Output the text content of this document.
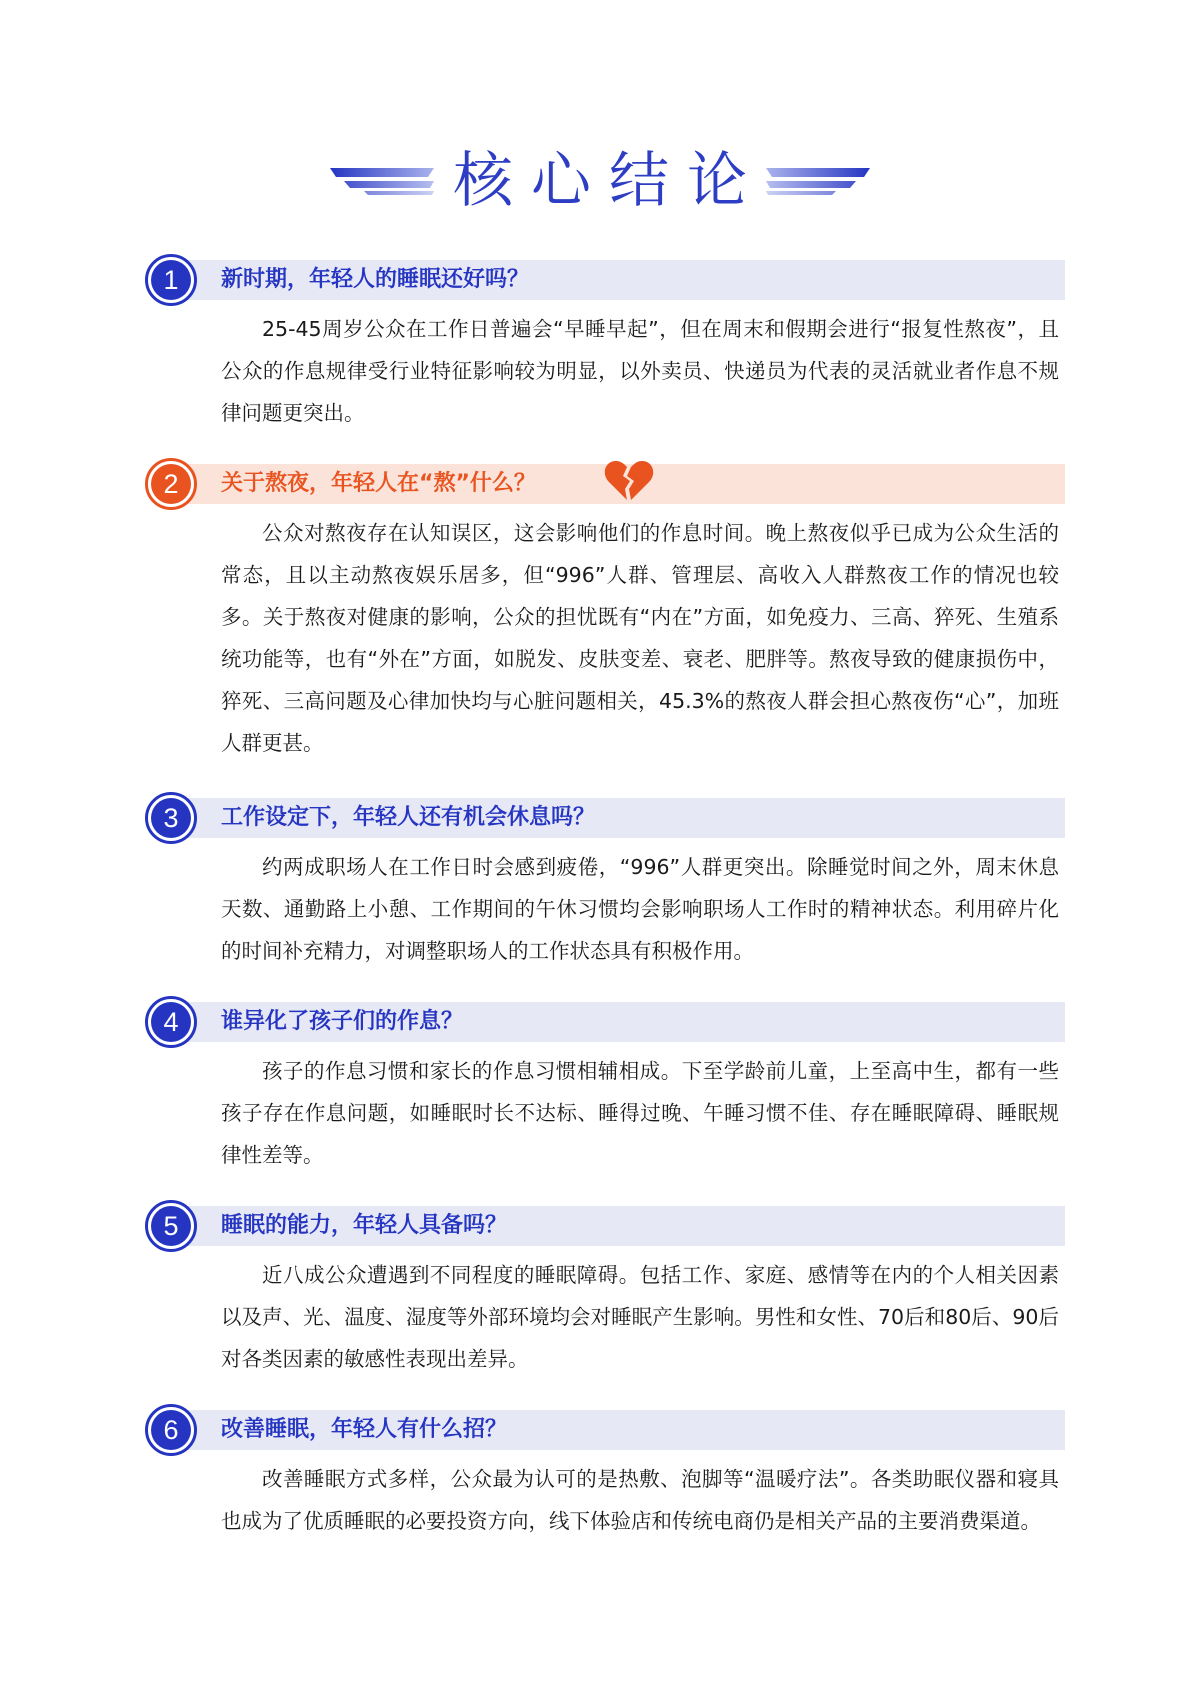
核心结论
1	新时期，年轻人的睡眠还好吗？
25-45周岁公众在工作日普遍会“早睡早起”，但在周末和假期会进行“报复性熬夜”，且公众的作息规律受行业特征影响较为明显，以外卖员、快递员为代表的灵活就业者作息不规律问题更突出。
2	关于熬夜，年轻人在“熬”什么？
公众对熬夜存在认知误区，这会影响他们的作息时间。晚上熬夜似乎已成为公众生活的常态，且以主动熬夜娱乐居多，但“996”人群、管理层、高收入人群熬夜工作的情况也较多。关于熬夜对健康的影响，公众的担忧既有“内在”方面，如免疫力、三高、猝死、生殖系统功能等，也有“外在”方面，如脱发、皮肤变差、衰老、肥胖等。熬夜导致的健康损伤中，猝死、三高问题及心律加快均与心脏问题相关，45.3%的熬夜人群会担心熬夜伤“心”，加班人群更甚。
3	工作设定下，年轻人还有机会休息吗？
约两成职场人在工作日时会感到疲倦，“996”人群更突出。除睡觉时间之外，周末休息天数、通勤路上小憩、工作期间的午休习惯均会影响职场人工作时的精神状态。利用碎片化的时间补充精力，对调整职场人的工作状态具有积极作用。
4	谁异化了孩子们的作息？
孩子的作息习惯和家长的作息习惯相辅相成。下至学龄前儿童，上至高中生，都有一些孩子存在作息问题，如睡眠时长不达标、睡得过晚、午睡习惯不佳、存在睡眠障碍、睡眠规律性差等。
5	睡眠的能力，年轻人具备吗？
近八成公众遭遇到不同程度的睡眠障碍。包括工作、家庭、感情等在内的个人相关因素以及声、光、温度、湿度等外部环境均会对睡眠产生影响。男性和女性、70后和80后、90后对各类因素的敏感性表现出差异。
6	改善睡眠，年轻人有什么招？
改善睡眠方式多样，公众最为认可的是热敷、泡脚等“温暖疗法”。各类助眠仪器和寝具也成为了优质睡眠的必要投资方向，线下体验店和传统电商仍是相关产品的主要消费渠道。
